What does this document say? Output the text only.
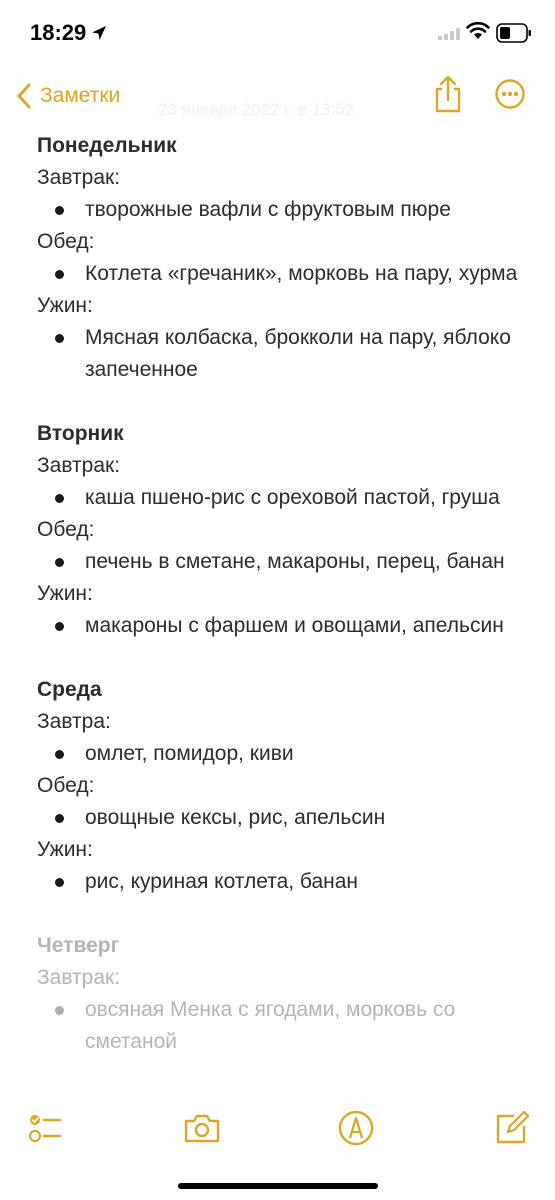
18:29
Заметки
23 января 2022 г. в 13:52
Понедельник
Завтрак:
творожные вафли с фруктовым пюре
Обед:
Котлета «гречаник», морковь на пару, хурма
Ужин:
Мясная колбаска, брокколи на пару, яблоко запеченное
Вторник
Завтрак:
каша пшено-рис с ореховой пастой, груша
Обед:
печень в сметане, макароны, перец, банан
Ужин:
макароны с фаршем и овощами, апельсин
Среда
Завтра:
омлет, помидор, киви
Обед:
овощные кексы, рис, апельсин
Ужин:
рис, куриная котлета, банан
Четверг
Завтрак:
овсяная Менка с ягодами, морковь со сметаной
